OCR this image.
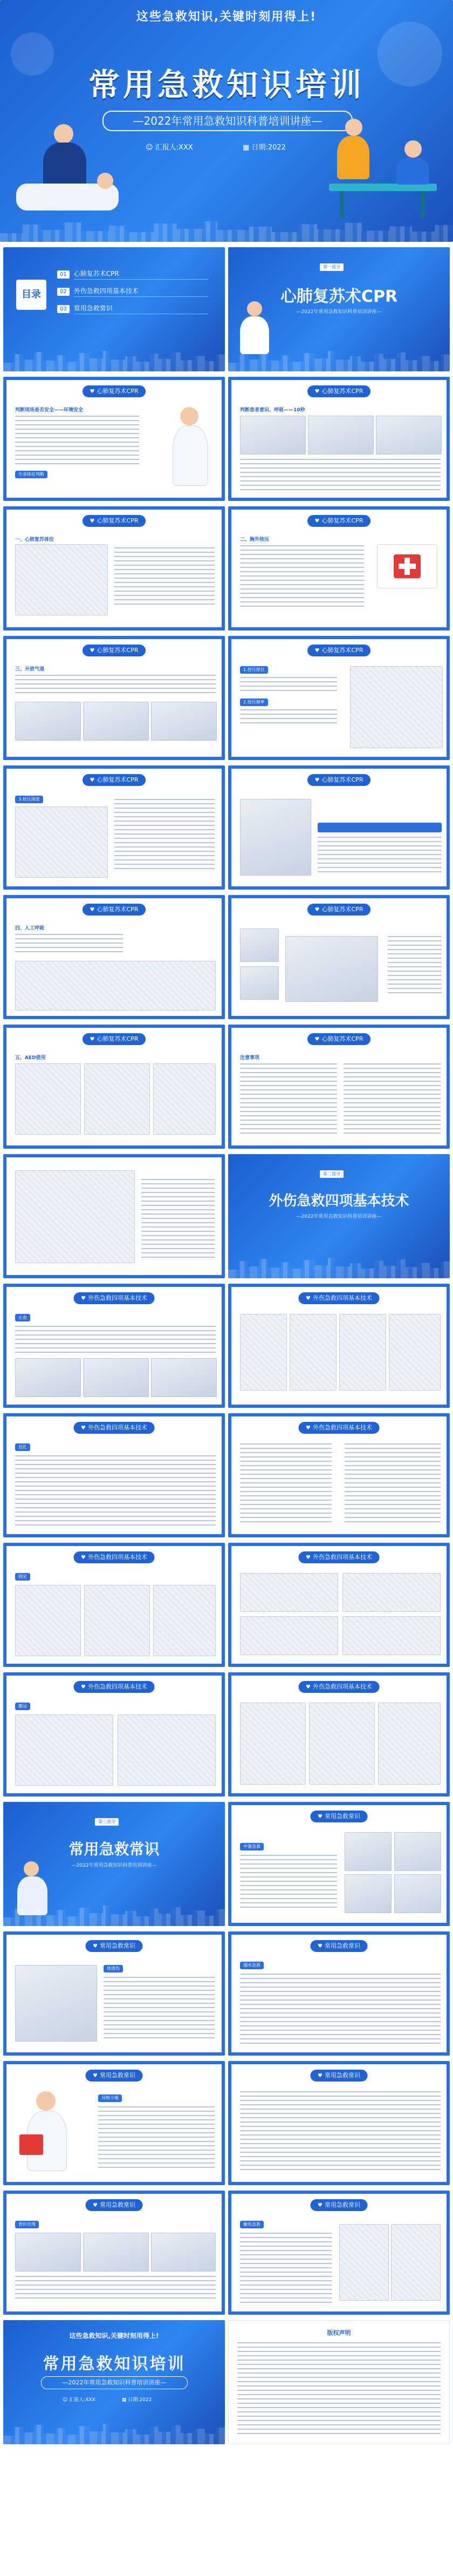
这些急救知识,关键时刻用得上!
常用急救知识培训
—2022年常用急救知识科普培训讲座—
☺ 汇报人:XXX	▦ 日期:2022
目录
01	心肺复苏术CPR
02	外伤急救四项基本技术
03	常用急救常识
第一部分
心肺复苏术CPR
—2022年常用急救知识科普培训讲座—
♥ 心肺复苏术CPR
判断现场是否安全——环境安全
生命体征判断
♥ 心肺复苏术CPR
判断患者意识、呼吸——10秒
♥ 心肺复苏术CPR
一、心肺复苏体位
♥ 心肺复苏术CPR
二、胸外按压
♥ 心肺复苏术CPR
三、开放气道
♥ 心肺复苏术CPR
1.按压部位
2.按压频率
♥ 心肺复苏术CPR
3.按压深度
♥ 心肺复苏术CPR
♥ 心肺复苏术CPR
四、人工呼吸
♥ 心肺复苏术CPR
♥ 心肺复苏术CPR
五、AED使用
♥ 心肺复苏术CPR
注意事项
第二部分
外伤急救四项基本技术
—2022年常用急救知识科普培训讲座—
♥ 外伤急救四项基本技术
止血
♥ 外伤急救四项基本技术
♥ 外伤急救四项基本技术
包扎
♥ 外伤急救四项基本技术
♥ 外伤急救四项基本技术
固定
♥ 外伤急救四项基本技术
♥ 外伤急救四项基本技术
搬运
♥ 外伤急救四项基本技术
第三部分
常用急救常识
—2022年常用急救知识科普培训讲座—
♥ 常用急救常识
中暑急救
♥ 常用急救常识
烧烫伤
♥ 常用急救常识
溺水急救
♥ 常用急救常识
异物卡喉
♥ 常用急救常识
♥ 常用急救常识
骨折处理
♥ 常用急救常识
触电急救
这些急救知识,关键时刻用得上!
常用急救知识培训
—2022年常用急救知识科普培训讲座—
☺ 汇报人:XXX	▦ 日期:2022
版权声明
